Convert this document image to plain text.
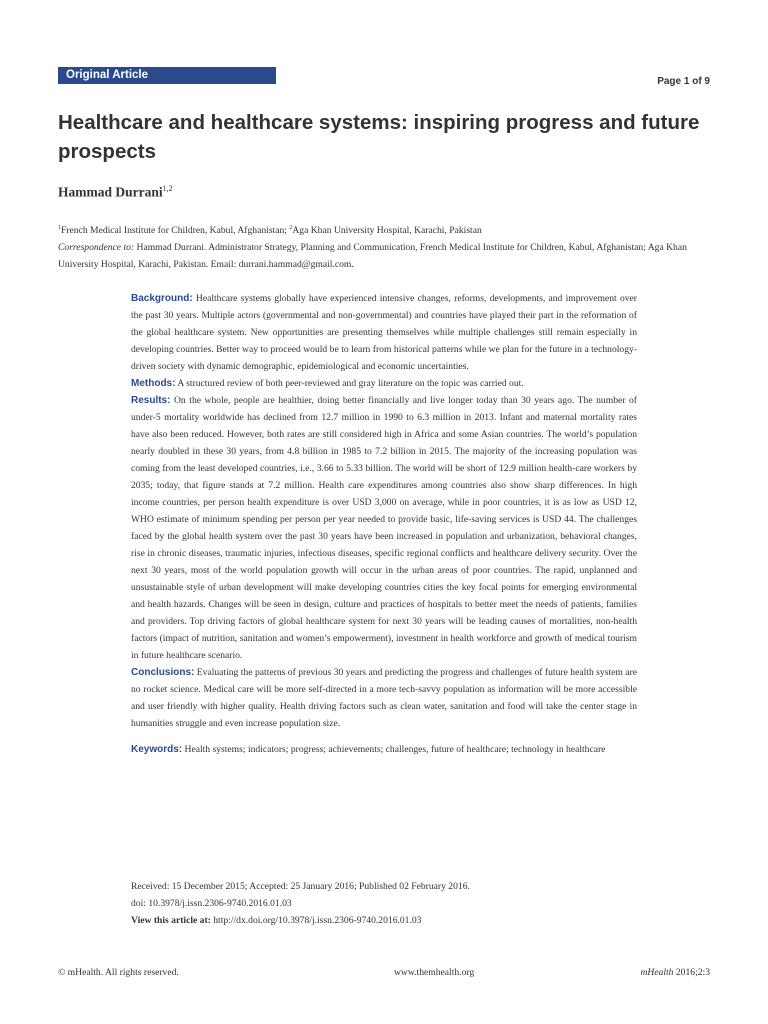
Original Article
Page 1 of 9
Healthcare and healthcare systems: inspiring progress and future prospects

Hammad Durrani$^{1,2}$

$^1$French Medical Institute for Children, Kabul, Afghanistan; $^2$Aga Khan University Hospital, Karachi, Pakistan
Correspondence to: Hammad Durrani. Administrator Strategy, Planning and Communication, French Medical Institute for Children, Kabul, Afghanistan; Aga Khan University Hospital, Karachi, Pakistan. Email: durrani.hammad@gmail.com.

Background: Healthcare systems globally have experienced intensive changes, reforms, developments, and improvement over the past 30 years. Multiple actors (governmental and non-governmental) and countries have played their part in the reformation of the global healthcare system. New opportunities are presenting themselves while multiple challenges still remain especially in developing countries. Better way to proceed would be to learn from historical patterns while we plan for the future in a technology-driven society with dynamic demographic, epidemiological and economic uncertainties.

Methods: A structured review of both peer-reviewed and gray literature on the topic was carried out.

Results: On the whole, people are healthier, doing better financially and live longer today than 30 years ago. The number of under-5 mortality worldwide has declined from 12.7 million in 1990 to 6.3 million in 2013. Infant and maternal mortality rates have also been reduced. However, both rates are still considered high in Africa and some Asian countries. The world’s population nearly doubled in these 30 years, from 4.8 billion in 1985 to 7.2 billion in 2015. The majority of the increasing population was coming from the least developed countries, i.e., 3.66 to 5.33 billion. The world will be short of 12.9 million health-care workers by 2035; today, that figure stands at 7.2 million. Health care expenditures among countries also show sharp differences. In high income countries, per person health expenditure is over USD 3,000 on average, while in poor countries, it is as low as USD 12, WHO estimate of minimum spending per person per year needed to provide basic, life-saving services is USD 44. The challenges faced by the global health system over the past 30 years have been increased in population and urbanization, behavioral changes, rise in chronic diseases, traumatic injuries, infectious diseases, specific regional conflicts and healthcare delivery security. Over the next 30 years, most of the world population growth will occur in the urban areas of poor countries. The rapid, unplanned and unsustainable style of urban development will make developing countries cities the key focal points for emerging environmental and health hazards. Changes will be seen in design, culture and practices of hospitals to better meet the needs of patients, families and providers. Top driving factors of global healthcare system for next 30 years will be leading causes of mortalities, non-health factors (impact of nutrition, sanitation and women’s empowerment), investment in health workforce and growth of medical tourism in future healthcare scenario.

Conclusions: Evaluating the patterns of previous 30 years and predicting the progress and challenges of future health system are no rocket science. Medical care will be more self-directed in a more tech-savvy population as information will be more accessible and user friendly with higher quality. Health driving factors such as clean water, sanitation and food will take the center stage in humanities struggle and even increase population size.

Keywords: Health systems; indicators; progress; achievements; challenges, future of healthcare; technology in healthcare

Received: 15 December 2015; Accepted: 25 January 2016; Published 02 February 2016.

doi: 10.3978/j.issn.2306-9740.2016.01.03

View this article at: http://dx.doi.org/10.3978/j.issn.2306-9740.2016.01.03

© mHealth. All rights reserved.	www.themhealth.org	mHealth 2016;2:3
